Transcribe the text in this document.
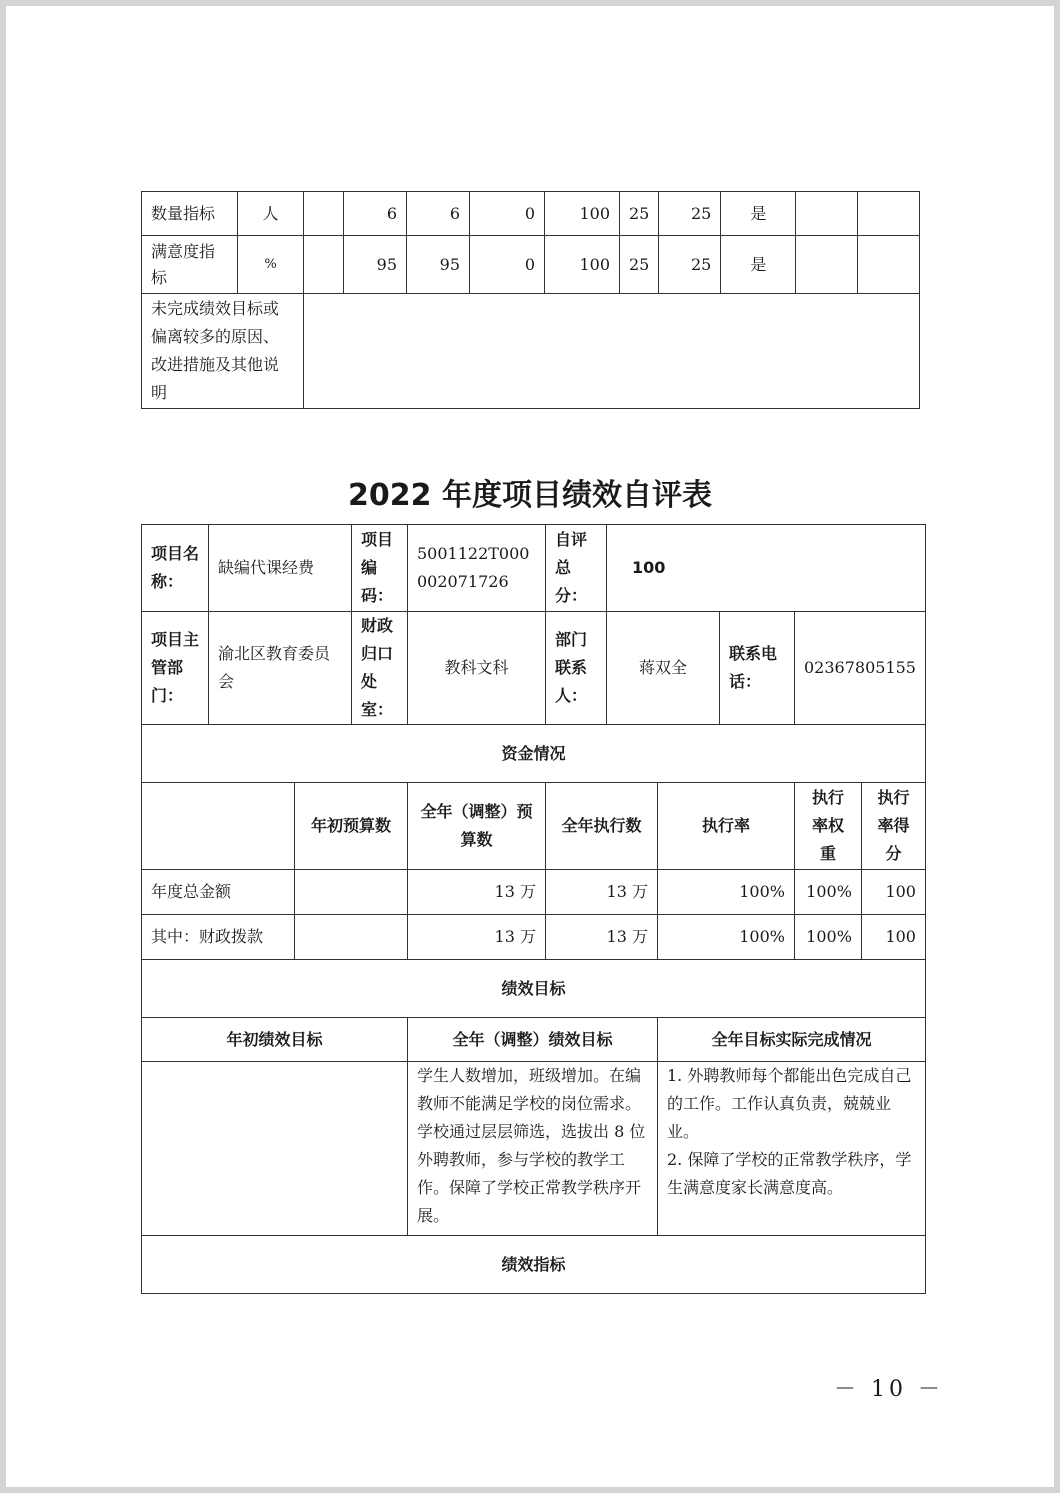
数量指标	人		6	6	0	100	25	25	是		
满意度指标	%		95	95	0	100	25	25	是		
未完成绩效目标或偏离较多的原因、改进措施及其他说明											
2022 年度项目绩效自评表
项目名称：	缺编代课经费		项目编码：	5001122T000002071726	自评总分：	100				
项目主管部门：	渝北区教育委员会		财政归口处室：	教科文科	部门联系人：	蒋双全		联系电话：	02367805155	
资金情况										
		年初预算数		全年（调整）预算数	全年执行数		执行率		执行率权重	执行率得分
年度总金额				13 万	13 万		100%		100%	100
其中：财政拨款				13 万	13 万		100%		100%	100
绩效目标										
年初绩效目标				全年（调整）绩效目标			全年目标实际完成情况			
				学生人数增加，班级增加。在编教师不能满足学校的岗位需求。学校通过层层筛选，选拔出 8 位外聘教师，参与学校的教学工作。保障了学校正常教学秩序开展。			1. 外聘教师每个都能出色完成自己的工作。工作认真负责，兢兢业业。
2. 保障了学校的正常教学秩序，学生满意度家长满意度高。			

绩效指标										
－ 10 －
